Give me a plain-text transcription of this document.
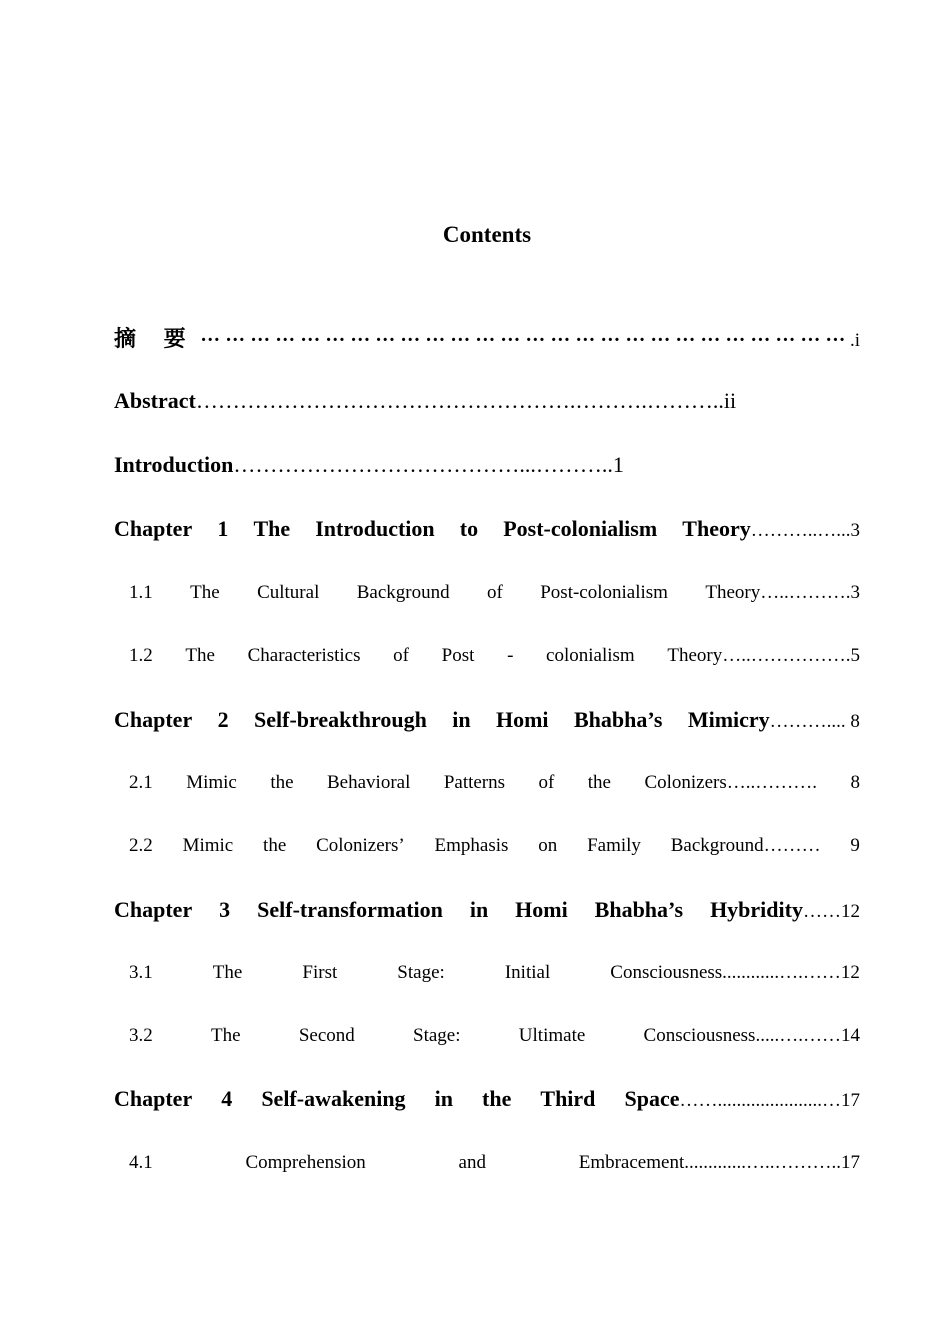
Contents
摘 要 ··· ··· ··· ··· ··· ··· ··· ··· ··· ··· ··· ··· ··· ··· ··· ··· ··· ··· ··· ··· ··· ··· ··· ··· ··· ··· .i
Abstract …………………………………………….……….………..ii
Introduction …………………………………...………..1
Chapter 1 The Introduction to Post-colonialism Theory………..…...3
1.1 The Cultural Background of Post-colonialism Theory…..……….3
1.2 The Characteristics of Post - colonialism Theory…..…………….5
Chapter 2 Self-breakthrough in Homi Bhabha’s Mimicry……….... 8
2.1 Mimic the Behavioral Patterns of the Colonizers…..………. 8
2.2 Mimic the Colonizers’ Emphasis on Family Background……… 9
Chapter 3 Self-transformation in Homi Bhabha’s Hybridity……12
3.1	The	First	Stage:	Initial	Consciousness............….……12
3.2	The	Second	Stage:	Ultimate	Consciousness.....….……14
Chapter 4 Self-awakening in the Third Space……......................…17
4.1	Comprehension	and	Embracement.............…..………..17
